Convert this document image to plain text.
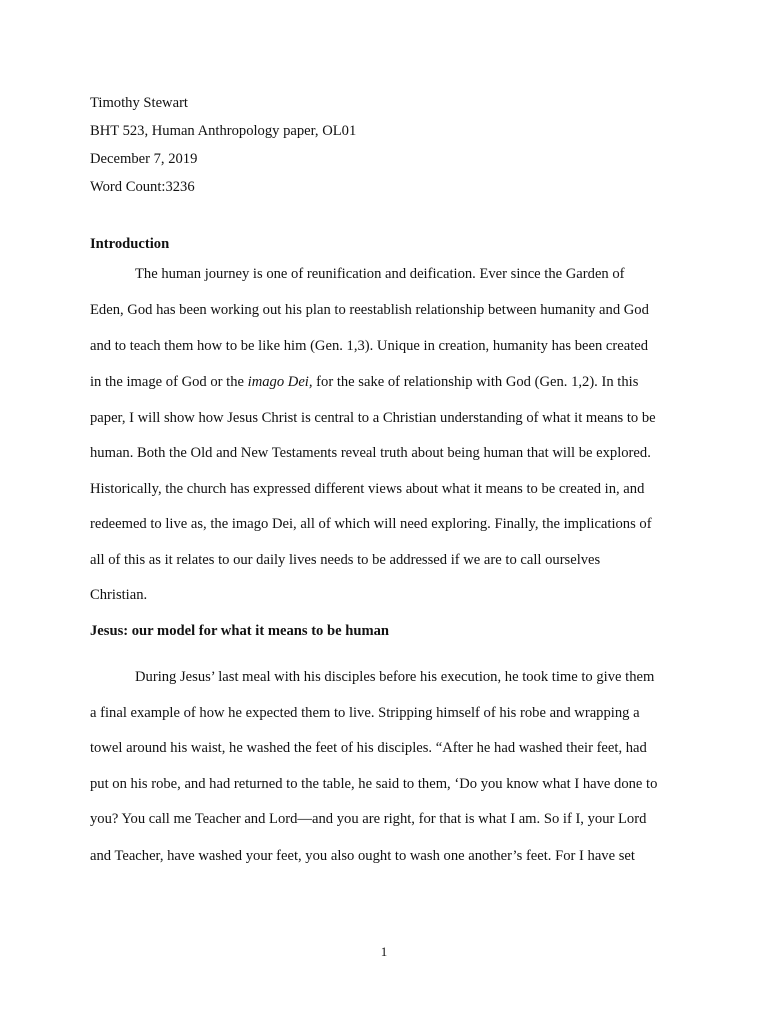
Timothy Stewart
BHT 523, Human Anthropology paper, OL01
December 7, 2019
Word Count:3236
Introduction
The human journey is one of reunification and deification. Ever since the Garden of
Eden, God has been working out his plan to reestablish relationship between humanity and God
and to teach them how to be like him (Gen. 1,3). Unique in creation, humanity has been created
in the image of God or the imago Dei, for the sake of relationship with God (Gen. 1,2). In this
paper, I will show how Jesus Christ is central to a Christian understanding of what it means to be
human. Both the Old and New Testaments reveal truth about being human that will be explored.
Historically, the church has expressed different views about what it means to be created in, and
redeemed to live as, the imago Dei, all of which will need exploring. Finally, the implications of
all of this as it relates to our daily lives needs to be addressed if we are to call ourselves
Christian.
Jesus: our model for what it means to be human
During Jesus’ last meal with his disciples before his execution, he took time to give them
a final example of how he expected them to live. Stripping himself of his robe and wrapping a
towel around his waist, he washed the feet of his disciples. “After he had washed their feet, had
put on his robe, and had returned to the table, he said to them, ‘Do you know what I have done to
you? You call me Teacher and Lord—and you are right, for that is what I am. So if I, your Lord
and Teacher, have washed your feet, you also ought to wash one another’s feet. For I have set
1
